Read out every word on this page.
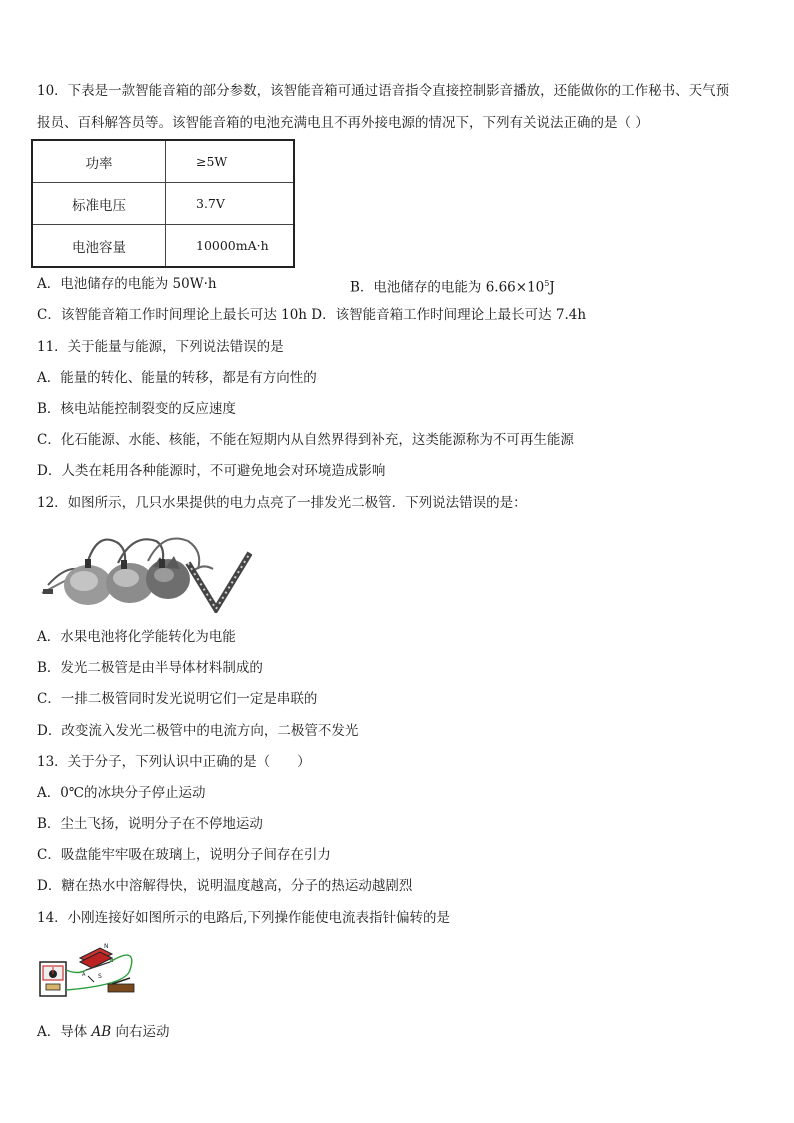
10．下表是一款智能音箱的部分参数，该智能音箱可通过语音指令直接控制影音播放，还能做你的工作秘书、天气预
报员、百科解答员等。该智能音箱的电池充满电且不再外接电源的情况下，下列有关说法正确的是（ ）
功率	≥5W
标准电压	3.7V
电池容量	10000mA·h
A．电池储存的电能为 50W·h	B．电池储存的电能为 $6.66\times 10^5J$
C．该智能音箱工作时间理论上最长可达 10h D．该智能音箱工作时间理论上最长可达 7.4h
11．关于能量与能源，下列说法错误的是
A．能量的转化、能量的转移，都是有方向性的
B．核电站能控制裂变的反应速度
C．化石能源、水能、核能，不能在短期内从自然界得到补充，这类能源称为不可再生能源
D．人类在耗用各种能源时，不可避免地会对环境造成影响
12．如图所示，几只水果提供的电力点亮了一排发光二极管．下列说法错误的是：
A．水果电池将化学能转化为电能
B．发光二极管是由半导体材料制成的
C．一排二极管同时发光说明它们一定是串联的
D．改变流入发光二极管中的电流方向，二极管不发光
13．关于分子，下列认识中正确的是（　　）
A．0℃的冰块分子停止运动
B．尘土飞扬，说明分子在不停地运动
C．吸盘能牢牢吸在玻璃上，说明分子间存在引力
D．糖在热水中溶解得快，说明温度越高，分子的热运动越剧烈
14．小刚连接好如图所示的电路后,下列操作能使电流表指针偏转的是
N
S
A
B
A．导体 AB 向右运动
